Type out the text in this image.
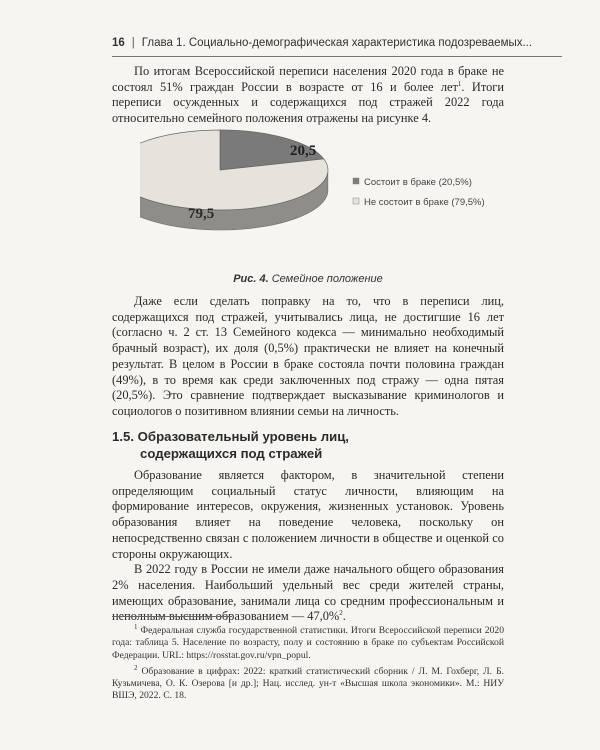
16 | Глава 1. Социально-демографическая характеристика подозреваемых...

По итогам Всероссийской переписи населения 2020 года в браке не состоял 51% граждан России в возрасте от 16 и более лет$^1$. Итоги переписи осужденных и содержащихся под стражей 2022 года относительно семейного положения отражены на рисунке 4.

20,5
79,5
Состоит в браке (20,5%)
Не состоит в браке (79,5%)
Рис. 4. Семейное положение

Даже если сделать поправку на то, что в переписи лиц, содержащихся под стражей, учитывались лица, не достигшие 16 лет (согласно ч. 2 ст. 13 Семейного кодекса — минимально необходимый брачный возраст), их доля (0,5%) практически не влияет на конечный результат. В целом в России в браке состояла почти половина граждан (49%), в то время как среди заключенных под стражу — одна пятая (20,5%). Это сравнение подтверждает высказывание криминологов и социологов о позитивном влиянии семьи на личность.

1.5. Образовательный уровень лиц,
содержащихся под стражей

Образование является фактором, в значительной степени определяющим социальный статус личности, влияющим на формирование интересов, окружения, жизненных установок. Уровень образования влияет на поведение человека, поскольку он непосредственно связан с положением личности в обществе и оценкой со стороны окружающих.

В 2022 году в России не имели даже начального общего образования 2% населения. Наибольший удельный вес среди жителей страны, имеющих образование, занимали лица со средним профессиональным и неполным высшим образованием — 47,0%$^2$.

$^1$ Федеральная служба государственной статистики. Итоги Всероссийской переписи 2020 года: таблица 5. Население по возрасту, полу и состоянию в браке по субъектам Российской Федерации. URL: https://rosstat.gov.ru/vpn_popul.

$^2$ Образование в цифрах: 2022: краткий статистический сборник / Л. М. Гохберг, Л. Б. Кузьмичева, О. К. Озерова [и др.]; Нац. исслед. ун-т «Высшая школа экономики». М.: НИУ ВШЭ, 2022. С. 18.
